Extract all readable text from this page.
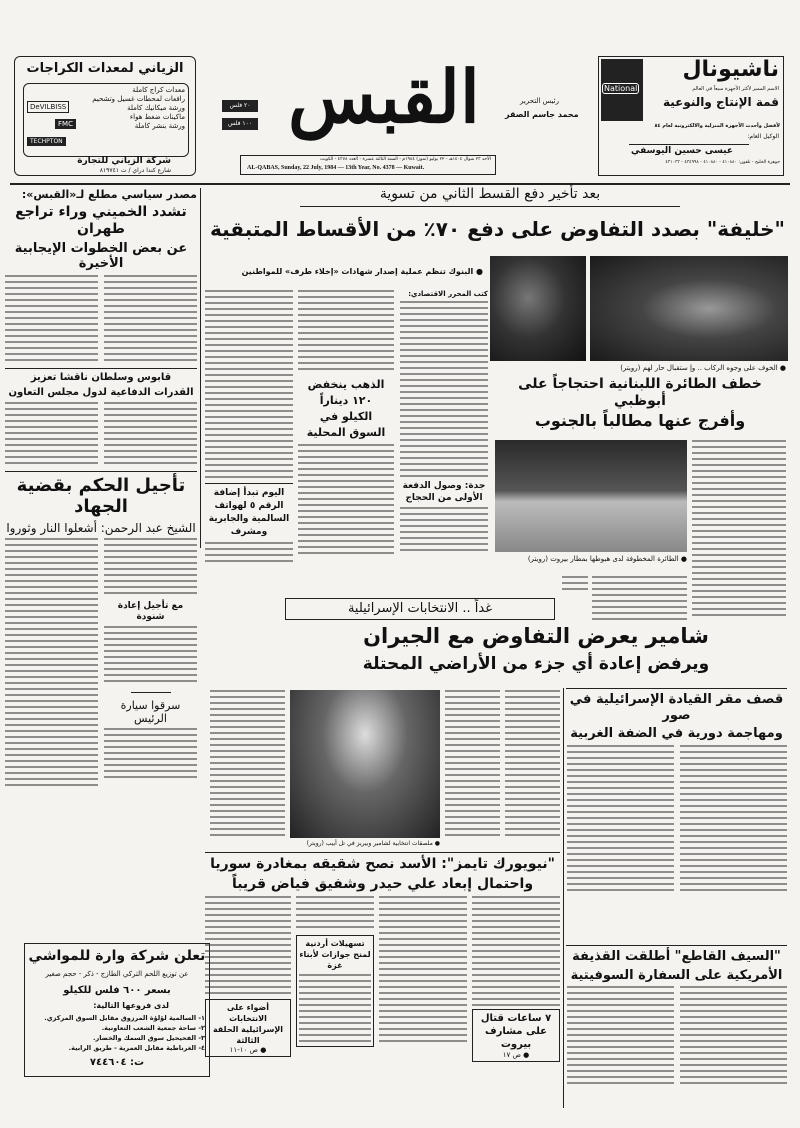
الزياني لمعدات الكراجات
معدات كراج كاملة
رافعات لمحطات غسيل وتشحيم
ورشة ميكانيك كاملة
ماكينات ضغط هواء
ورشة بنشر كاملة
DeVILBISS
FMC
TECHPTON
شركة الزياني للتجارة
شارع كندا دراي / ت ٨١٩٧٤١
٢٠ فلس
١٠٠ فلس القبس	رئيس التحرير
محمد جاسم الصقر
الأحد ٢٣ شوال ١٤٠٤هـ - ٢٢ يوليو (تموز) ١٩٨٤م - السنة الثالثة عشرة - العدد ٤٣٧٨ - الكويت
AL-QABAS, Sunday, 22 July, 1984 — 13th Year, No. 4378 — Kuwait.
National
ناشيونال
الاسم المميز لأكثر الأجهزة مبيعاً في العالم
قمة الإنتاج والنوعية
لأفضل وأحدث الأجهزة المنزلية والالكترونية لعام ٨٤
الوكيل العام:
عيسى حسين اليوسفي
جوهرة الخليج - تلفون: ٤١٠٨٨٠ - ٤١٠٨٨٠ - ٤٣٤٩٩٨ - ٤٣١٠٣٣
مصدر سياسي مطلع لـ«القبس»:
تشدد الخميني وراء تراجع طهران
عن بعض الخطوات الإيجابية الأخيرة
قابوس وسلطان ناقشا تعزيز
القدرات الدفاعية لدول مجلس التعاون
تأجيل الحكم بقضية الجهاد
الشيخ عبد الرحمن: أشعلوا النار وثوروا
مع تأجيل إعادة شنودة
سرقوا سيارة الرئيس
تعلن شركة وارة للمواشي
عن توزيع اللحم التركي الطازج - ذكر - حجم صغير
بسعر ٦٠٠ فلس للكيلو
لدى فروعها التالية:
١- السالمية لؤلؤة المرزوق مقابل السوق المركزي.
٢- ساحة جمعية الشعب التعاونية.
٣- الفحيحيل سوق السمك والخضار.
٤- الغرناطية مقابل العمرية - طريق الرابية.
ت: ٧٤٤٦٠٤
بعد تأخير دفع القسط الثاني من تسوية
"خليفة" بصدد التفاوض على دفع ٧٠٪ من الأقساط المتبقية
● البنوك تنظم عملية إصدار شهادات «إخلاء طرف» للمواطنين
اليوم تبدأ إضافة الرقم ٥ لهواتف السالمية والجابرية ومشرف
الذهب ينخفض ١٢٠ ديناراً الكيلو في السوق المحلية
كتب المحرر الاقتصادي:
جدة: وصول الدفعة الأولى من الحجاج
● الخوف على وجوه الركاب .. وإ ستقبال حار لهم (رويتر)
خطف الطائرة اللبنانية احتجاجاً على أبوظبي
وأفرج عنها مطالباً بالجنوب
● الطائرة المخطوفة لدى هبوطها بمطار بيروت (رويتر)
غداً .. الانتخابات الإسرائيلية
شامير يعرض التفاوض مع الجيران
ويرفض إعادة أي جزء من الأراضي المحتلة
● ملصقات انتخابية لشامير وبيريز في تل أبيب (رويتر)
قصف مقر القيادة الإسرائيلية في صور
ومهاجمة دورية في الضفة الغربية
"نيويورك تايمز": الأسد نصح شقيقه بمغادرة سوريا
واحتمال إبعاد علي حيدر وشفيق فياض قريباً
٧ ساعات قتال على مشارف بيروت
● ص ١٧
تسهيلات أردنية لمنح جوازات لأبناء غزة
أضواء على الانتخابات الإسرائيلية الحلقة الثالثة
● ص ١٠-١١
"السيف القاطع" أطلقت القذيفة
الأمريكية على السفارة السوفيتية
